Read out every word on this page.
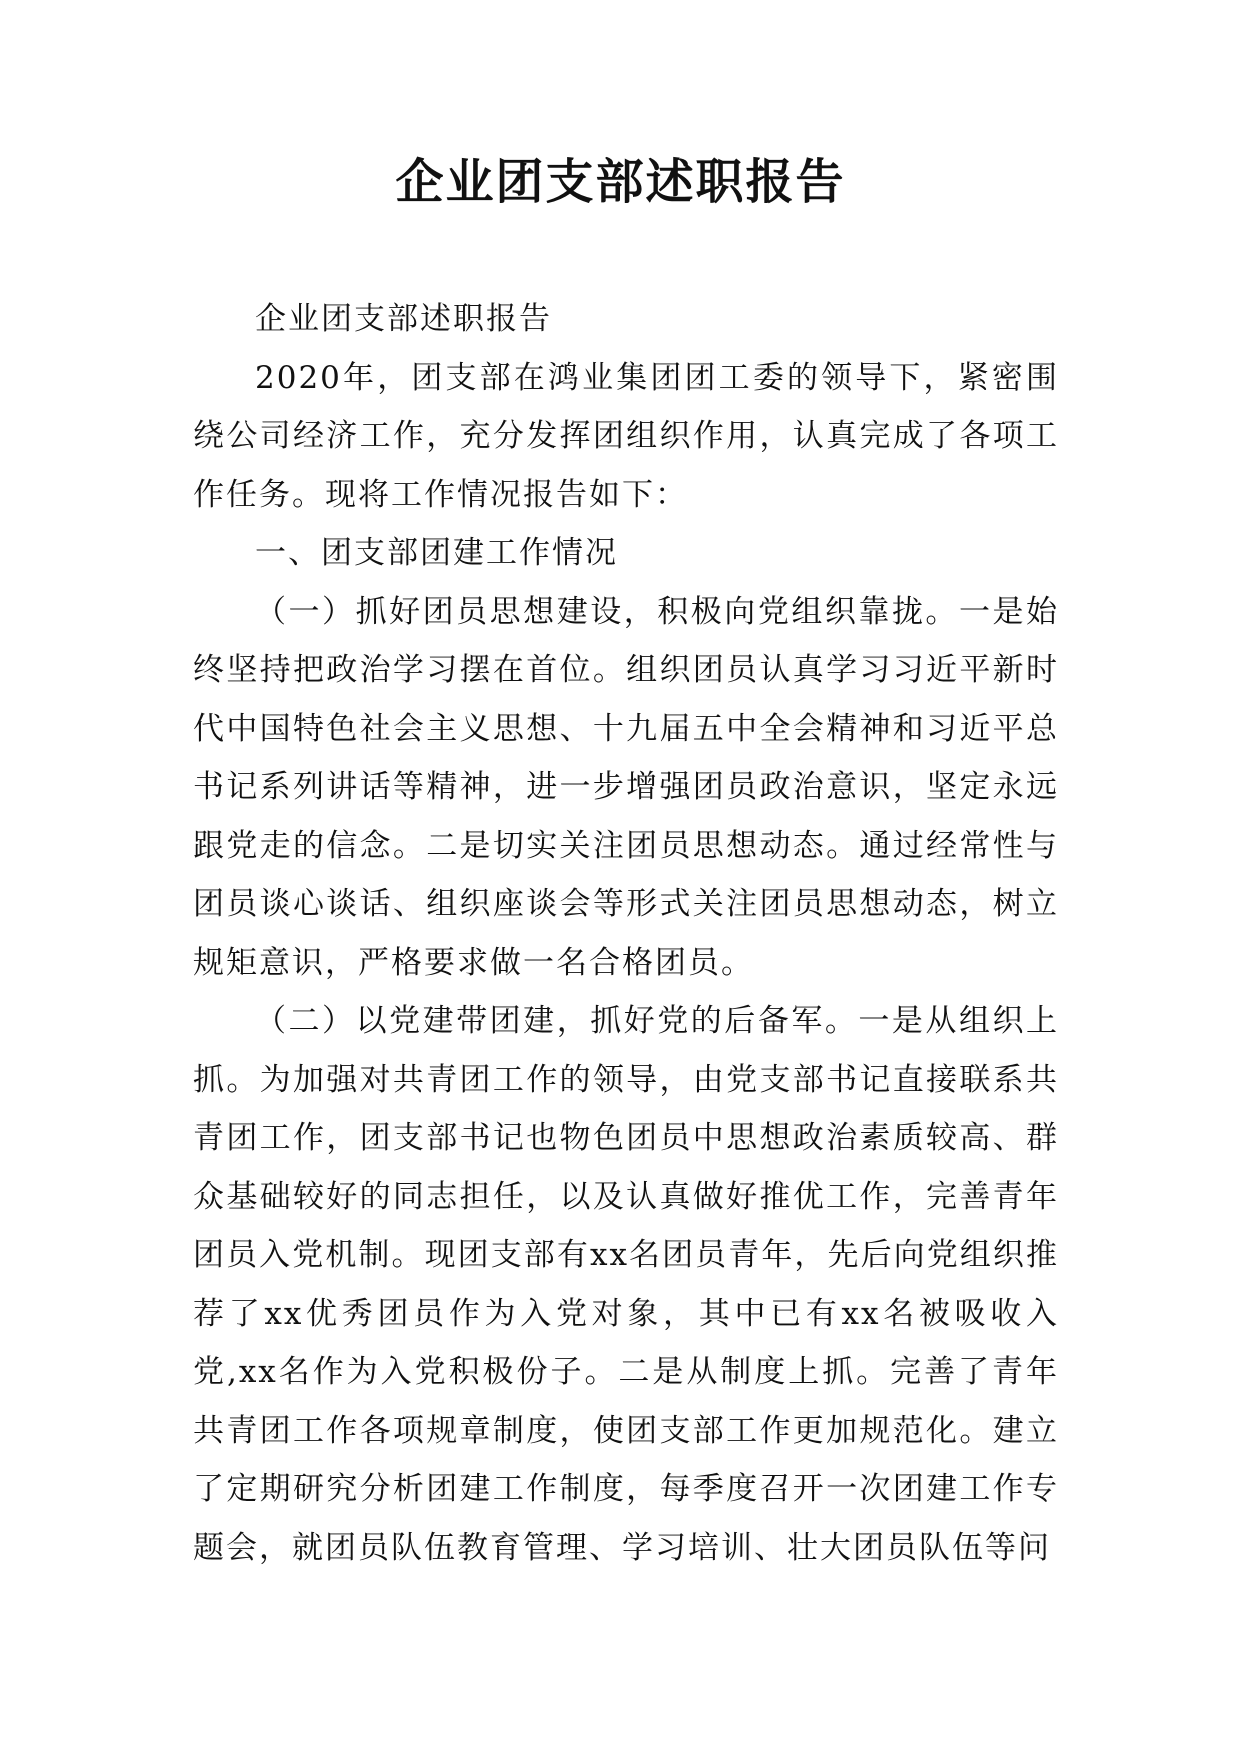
企业团支部述职报告

企业团支部述职报告

2020年，团支部在鸿业集团团工委的领导下，紧密围绕公司经济工作，充分发挥团组织作用，认真完成了各项工作任务。现将工作情况报告如下：

一、团支部团建工作情况

（一）抓好团员思想建设，积极向党组织靠拢。一是始终坚持把政治学习摆在首位。组织团员认真学习习近平新时代中国特色社会主义思想、十九届五中全会精神和习近平总书记系列讲话等精神，进一步增强团员政治意识，坚定永远跟党走的信念。二是切实关注团员思想动态。通过经常性与团员谈心谈话、组织座谈会等形式关注团员思想动态，树立规矩意识，严格要求做一名合格团员。

（二）以党建带团建，抓好党的后备军。一是从组织上抓。为加强对共青团工作的领导，由党支部书记直接联系共青团工作，团支部书记也物色团员中思想政治素质较高、群众基础较好的同志担任，以及认真做好推优工作，完善青年团员入党机制。现团支部有xx名团员青年，先后向党组织推荐了xx优秀团员作为入党对象，其中已有xx名被吸收入党,xx名作为入党积极份子。二是从制度上抓。完善了青年共青团工作各项规章制度，使团支部工作更加规范化。建立了定期研究分析团建工作制度，每季度召开一次团建工作专题会，就团员队伍教育管理、学习培训、壮大团员队伍等问
